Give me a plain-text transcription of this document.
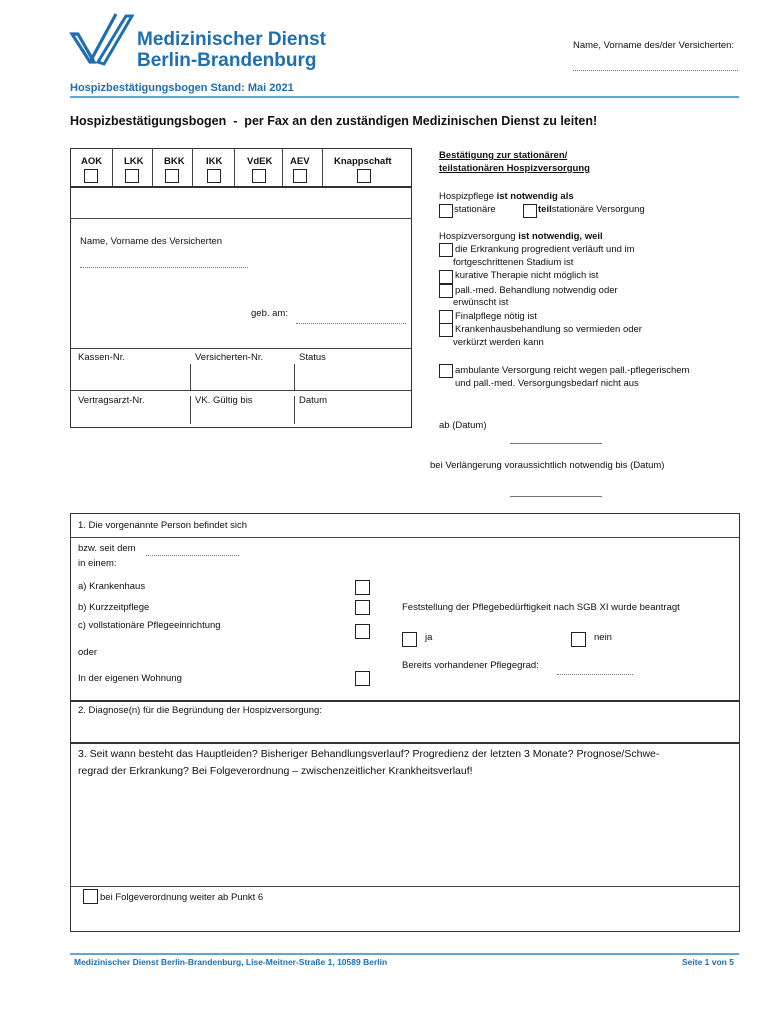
Medizinischer Dienst
Berlin-Brandenburg
Name, Vorname des/der Versicherten:
Hospizbestätigungsbogen Stand: Mai 2021
Hospizbestätigungsbogen  -  per Fax an den zuständigen Medizinischen Dienst zu leiten!
AOK LKK BKK IKK	VdEK AEV	Knappschaft
Name, Vorname des Versicherten
geb. am:
Kassen-Nr.	Versicherten-Nr.	Status
Vertragsarzt-Nr.	VK. Gültig bis	Datum
Bestätigung zur stationären/
teilstationären Hospizversorgung
Hospizpflege ist notwendig als
stationäre	teilstationäre Versorgung
Hospizversorgung ist notwendig, weil
die Erkrankung progredient verläuft und im
fortgeschrittenen Stadium ist
kurative Therapie nicht möglich ist
pall.-med. Behandlung notwendig oder
erwünscht ist
Finalpflege nötig ist
Krankenhausbehandlung so vermieden oder
verkürzt werden kann
ambulante Versorgung reicht wegen pall.-pflegerischem
und pall.-med. Versorgungsbedarf nicht aus
ab (Datum)
bei Verlängerung voraussichtlich notwendig bis (Datum)
1. Die vorgenannte Person befindet sich
bzw. seit dem
in einem:
a) Krankenhaus
b) Kurzzeitpflege
c) vollstationäre Pflegeeinrichtung
oder
In der eigenen Wohnung
Feststellung der Pflegebedürftigkeit nach SGB XI wurde beantragt
ja	nein
Bereits vorhandener Pflegegrad:
2. Diagnose(n) für die Begründung der Hospizversorgung:
3. Seit wann besteht das Hauptleiden? Bisheriger Behandlungsverlauf? Progredienz der letzten 3 Monate? Prognose/Schwe-
regrad der Erkrankung? Bei Folgeverordnung – zwischenzeitlicher Krankheitsverlauf!
bei Folgeverordnung weiter ab Punkt 6
Medizinischer Dienst Berlin-Brandenburg, Lise-Meitner-Straße 1, 10589 Berlin	Seite 1 von 5
